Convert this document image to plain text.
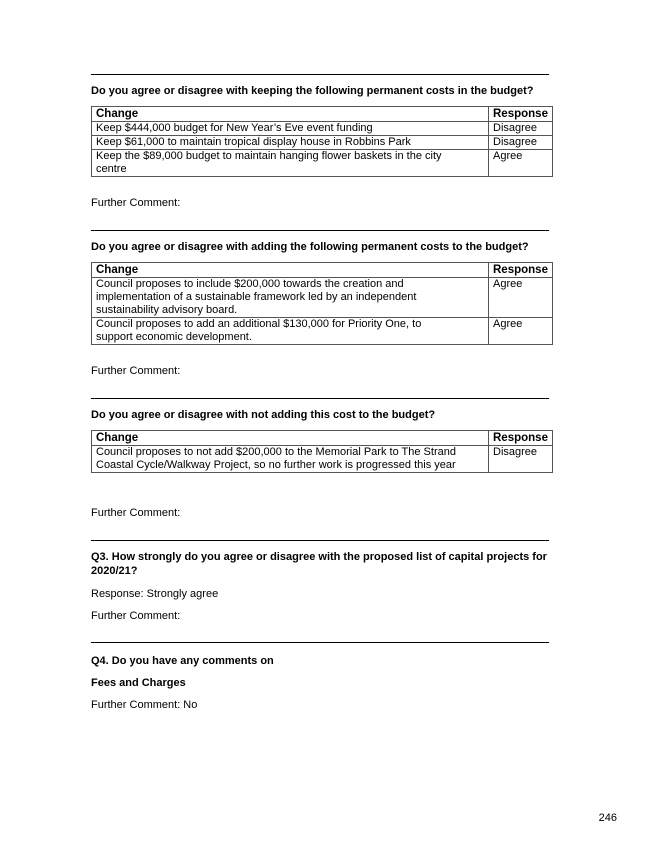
Do you agree or disagree with keeping the following permanent costs in the budget?
Change	Response
Keep $444,000 budget for New Year’s Eve event funding	Disagree
Keep $61,000 to maintain tropical display house in Robbins Park	Disagree
Keep the $89,000 budget to maintain hanging flower baskets in the city centre	Agree
Further Comment:
Do you agree or disagree with adding the following permanent costs to the budget?
Change	Response
Council proposes to include $200,000 towards the creation and implementation of a sustainable framework led by an independent sustainability advisory board.	Agree
Council proposes to add an additional $130,000 for Priority One, to support economic development.	Agree
Further Comment:
Do you agree or disagree with not adding this cost to the budget?
Change	Response
Council proposes to not add $200,000 to the Memorial Park to The Strand Coastal Cycle/Walkway Project, so no further work is progressed this year	Disagree
Further Comment:
Q3. How strongly do you agree or disagree with the proposed list of capital projects for 2020/21?
Response: Strongly agree
Further Comment:
Q4. Do you have any comments on
Fees and Charges
Further Comment: No
246
